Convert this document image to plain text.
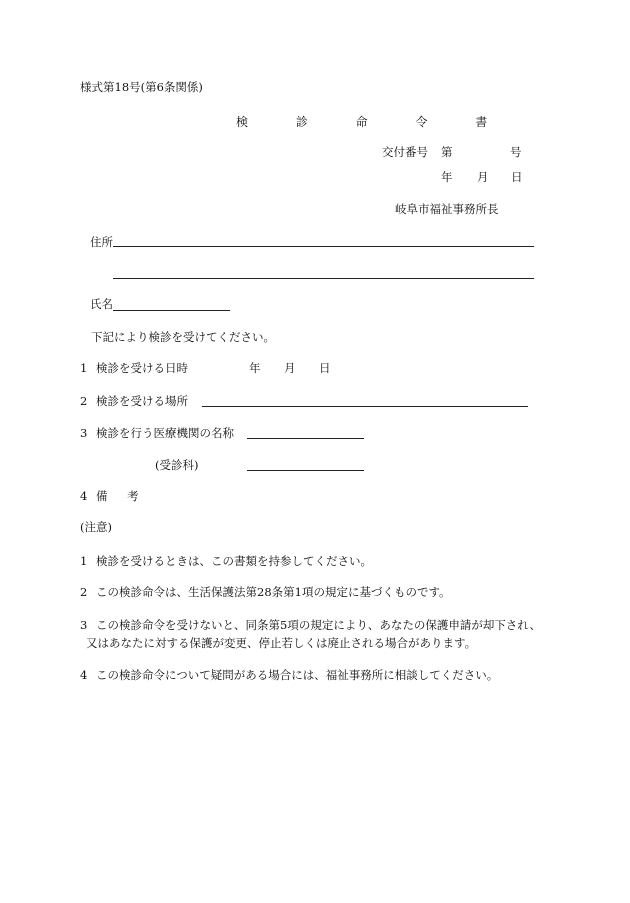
様式第18号(第6条関係)
検 診 命 令 書
交付番号 第	号
年 月 日
岐阜市福祉事務所長
住所
氏名
下記により検診を受けてください。
1 検診を受ける日時	年 月 日
2 検診を受ける場所
3 検診を行う医療機関の名称
(受診科)
4 備 考
(注意)
1 検診を受けるときは、この書類を持参してください。
2 この検診命令は、生活保護法第28条第1項の規定に基づくものです。
3 この検診命令を受けないと、同条第5項の規定により、あなたの保護申請が却下され、
又はあなたに対する保護が変更、停止若しくは廃止される場合があります。
4 この検診命令について疑問がある場合には、福祉事務所に相談してください。
